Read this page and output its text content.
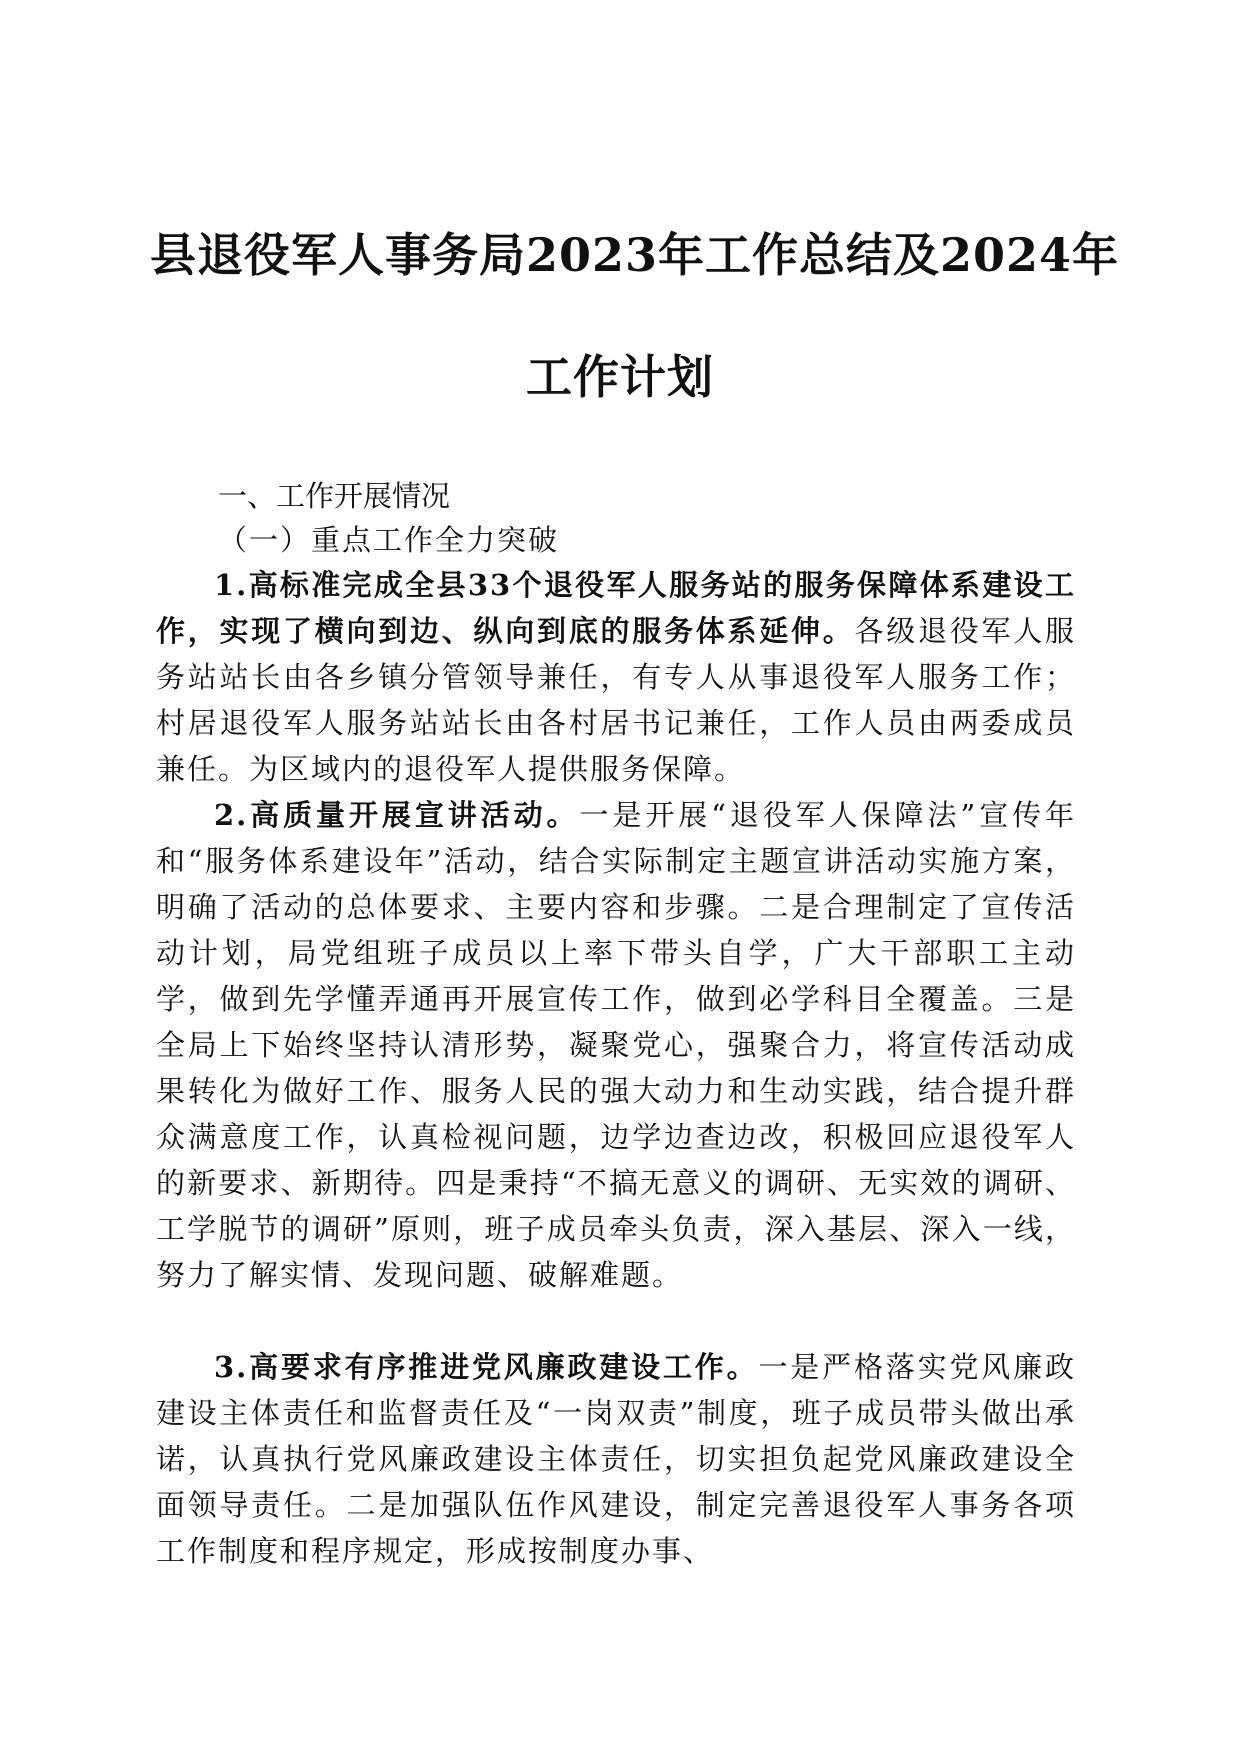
县退役军人事务局2023年工作总结及2024年
工作计划
一、工作开展情况
（一）重点工作全力突破

1.高标准完成全县33个退役军人服务站的服务保障体系建设工作，实现了横向到边、纵向到底的服务体系延伸。各级退役军人服务站站长由各乡镇分管领导兼任，有专人从事退役军人服务工作；村居退役军人服务站站长由各村居书记兼任，工作人员由两委成员兼任。为区域内的退役军人提供服务保障。

2.高质量开展宣讲活动。一是开展“退役军人保障法”宣传年和“服务体系建设年”活动，结合实际制定主题宣讲活动实施方案，明确了活动的总体要求、主要内容和步骤。二是合理制定了宣传活动计划，局党组班子成员以上率下带头自学，广大干部职工主动学，做到先学懂弄通再开展宣传工作，做到必学科目全覆盖。三是全局上下始终坚持认清形势，凝聚党心，强聚合力，将宣传活动成果转化为做好工作、服务人民的强大动力和生动实践，结合提升群众满意度工作，认真检视问题，边学边查边改，积极回应退役军人的新要求、新期待。四是秉持“不搞无意义的调研、无实效的调研、工学脱节的调研”原则，班子成员牵头负责，深入基层、深入一线，努力了解实情、发现问题、破解难题。

3.高要求有序推进党风廉政建设工作。一是严格落实党风廉政建设主体责任和监督责任及“一岗双责”制度，班子成员带头做出承诺，认真执行党风廉政建设主体责任，切实担负起党风廉政建设全面领导责任。二是加强队伍作风建设，制定完善退役军人事务各项工作制度和程序规定，形成按制度办事、
